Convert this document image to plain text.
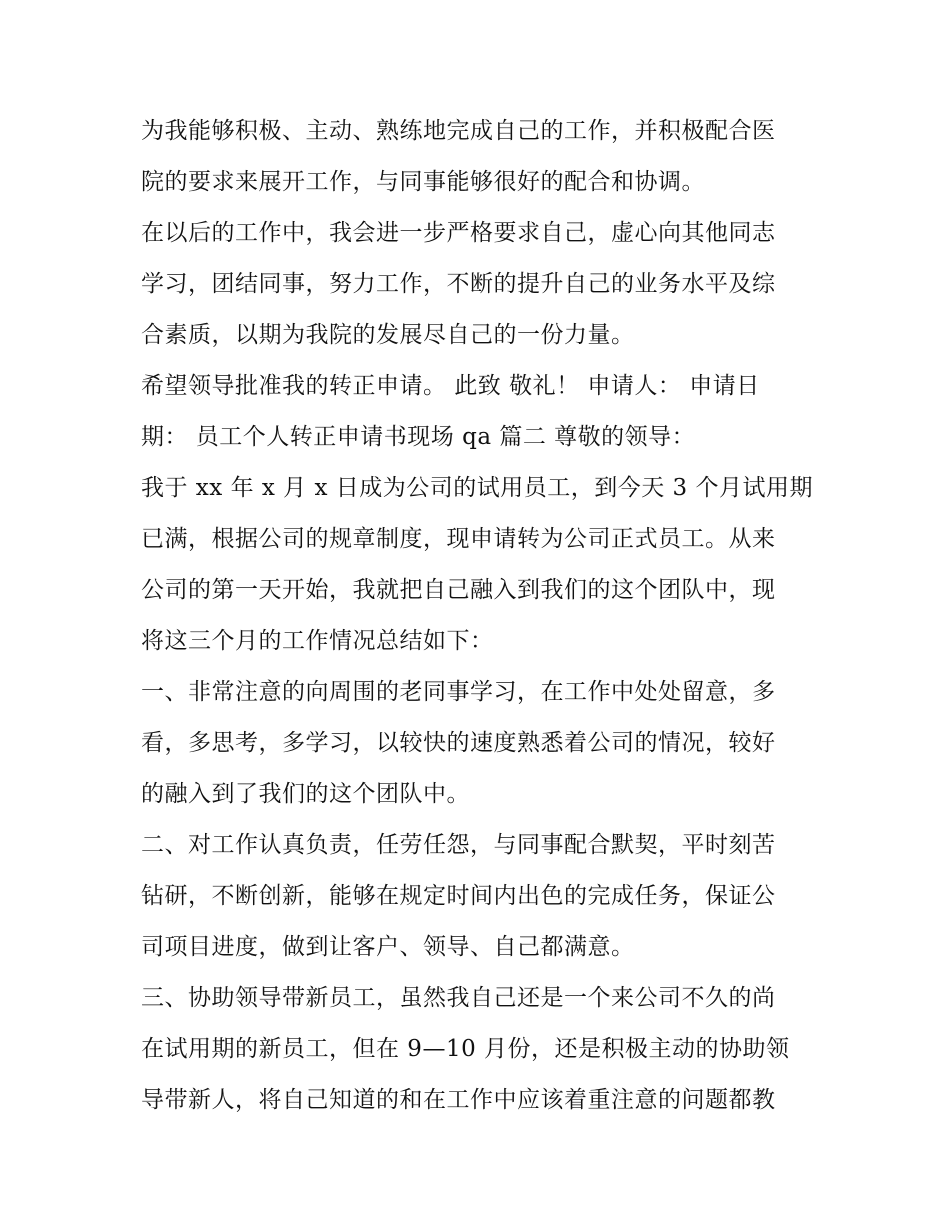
为我能够积极、主动、熟练地完成自己的工作，并积极配合医
院的要求来展开工作，与同事能够很好的配合和协调。
在以后的工作中，我会进一步严格要求自己，虚心向其他同志
学习，团结同事，努力工作，不断的提升自己的业务水平及综
合素质，以期为我院的发展尽自己的一份力量。
希望领导批准我的转正申请。 此致 敬礼！ 申请人： 申请日
期： 员工个人转正申请书现场 qa 篇二 尊敬的领导：
我于 xx 年 x 月 x 日成为公司的试用员工，到今天 3 个月试用期
已满，根据公司的规章制度，现申请转为公司正式员工。从来
公司的第一天开始，我就把自己融入到我们的这个团队中，现
将这三个月的工作情况总结如下：
一、非常注意的向周围的老同事学习，在工作中处处留意，多
看，多思考，多学习，以较快的速度熟悉着公司的情况，较好
的融入到了我们的这个团队中。
二、对工作认真负责，任劳任怨，与同事配合默契，平时刻苦
钻研，不断创新，能够在规定时间内出色的完成任务，保证公
司项目进度，做到让客户、领导、自己都满意。
三、协助领导带新员工，虽然我自己还是一个来公司不久的尚
在试用期的新员工，但在 9—10 月份，还是积极主动的协助领
导带新人，将自己知道的和在工作中应该着重注意的问题都教
